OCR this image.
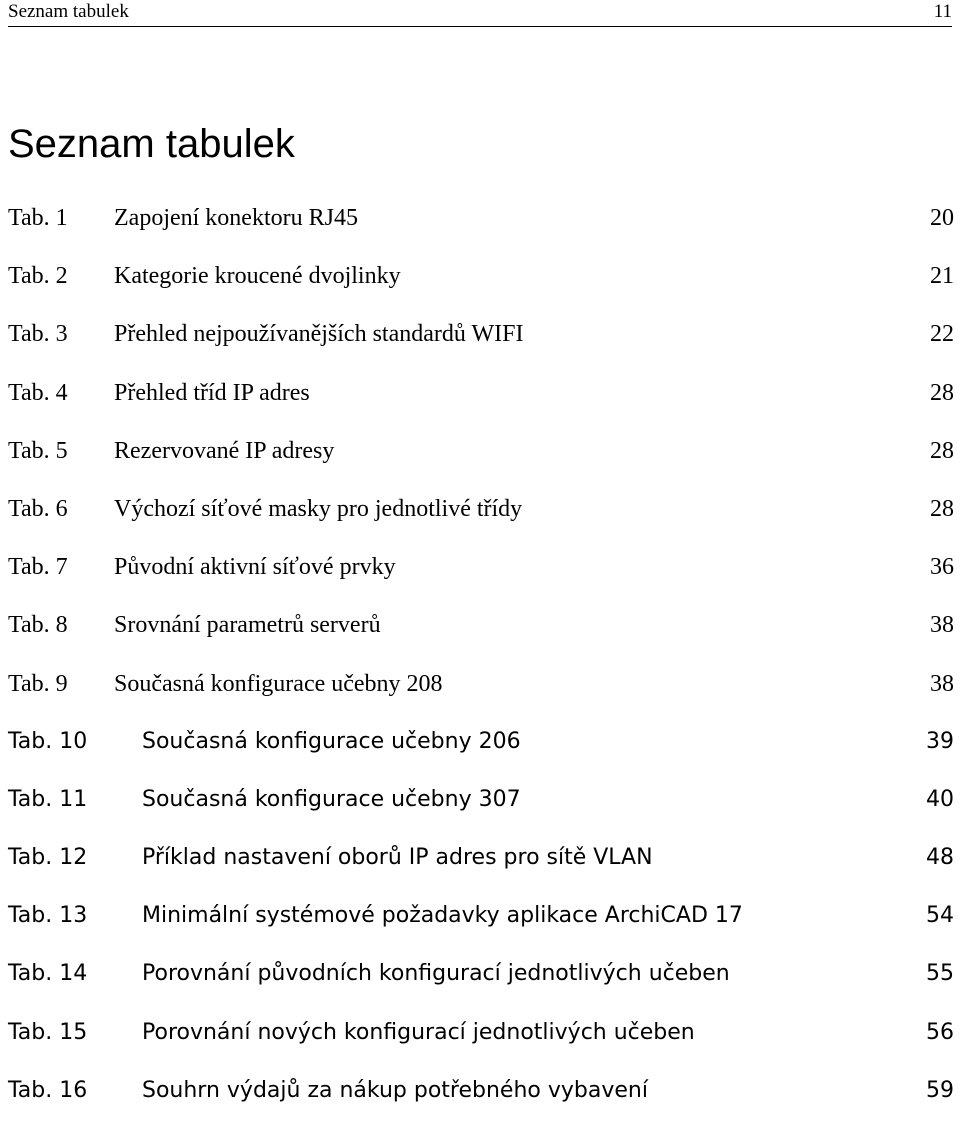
Seznam tabulek	11
Seznam tabulek
Tab. 1 Zapojení konektoru RJ45	20
Tab. 2 Kategorie kroucené dvojlinky	21
Tab. 3 Přehled nejpoužívanějších standardů WIFI	22
Tab. 4 Přehled tříd IP adres	28
Tab. 5 Rezervované IP adresy	28
Tab. 6 Výchozí síťové masky pro jednotlivé třídy	28
Tab. 7 Původní aktivní síťové prvky	36
Tab. 8 Srovnání parametrů serverů	38
Tab. 9 Současná konfigurace učebny 208	38
Tab. 10 Současná konfigurace učebny 206	39
Tab. 11 Současná konfigurace učebny 307	40
Tab. 12 Příklad nastavení oborů IP adres pro sítě VLAN	48
Tab. 13 Minimální systémové požadavky aplikace ArchiCAD 17	54
Tab. 14 Porovnání původních konfigurací jednotlivých učeben	55
Tab. 15 Porovnání nových konfigurací jednotlivých učeben	56
Tab. 16 Souhrn výdajů za nákup potřebného vybavení	59
